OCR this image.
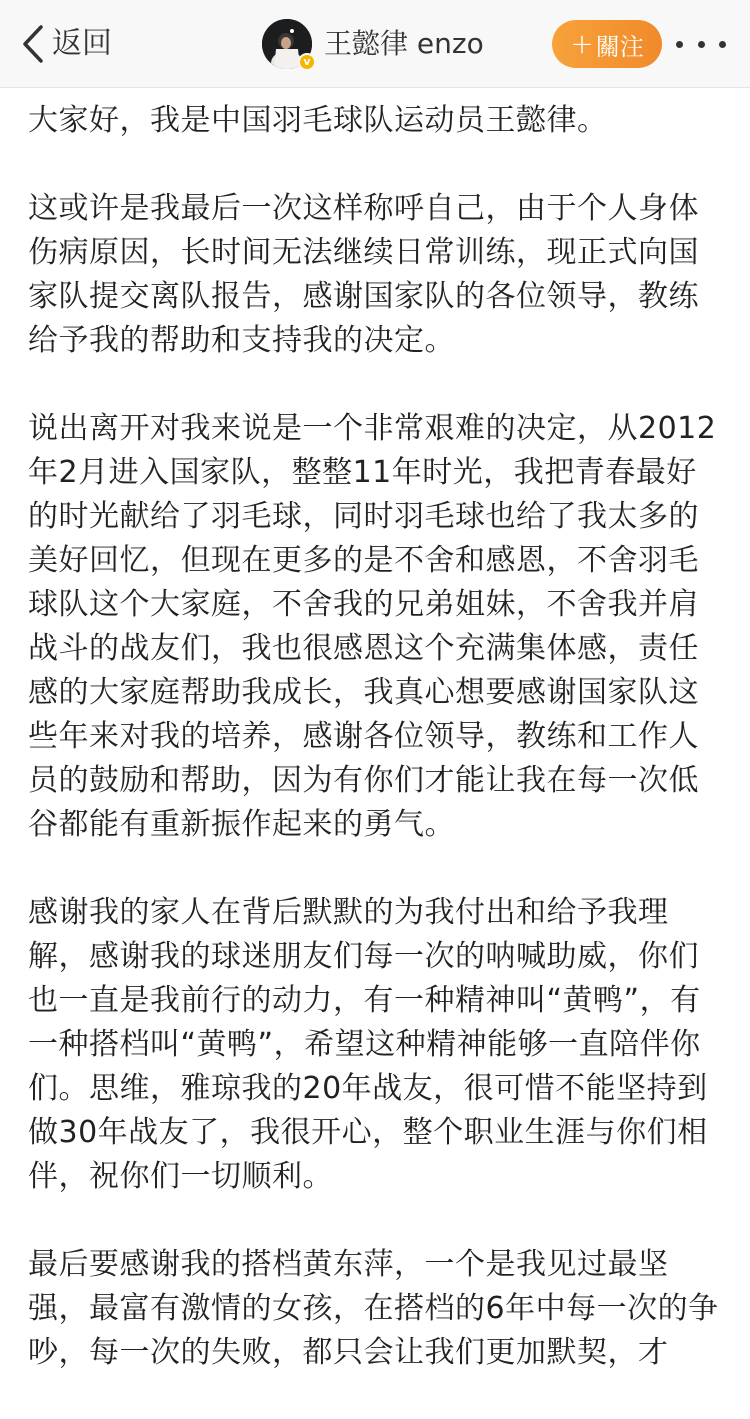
返回
v
王懿律 enzo	+ 關注

大家好，我是中国羽毛球队运动员王懿律。

这或许是我最后一次这样称呼自己，由于个人身体伤病原因，长时间无法继续日常训练，现正式向国家队提交离队报告，感谢国家队的各位领导，教练给予我的帮助和支持我的决定。

说出离开对我来说是一个非常艰难的决定，从2012年2月进入国家队，整整11年时光，我把青春最好的时光献给了羽毛球，同时羽毛球也给了我太多的美好回忆，但现在更多的是不舍和感恩，不舍羽毛球队这个大家庭，不舍我的兄弟姐妹，不舍我并肩战斗的战友们，我也很感恩这个充满集体感，责任感的大家庭帮助我成长，我真心想要感谢国家队这些年来对我的培养，感谢各位领导，教练和工作人员的鼓励和帮助，因为有你们才能让我在每一次低谷都能有重新振作起来的勇气。

感谢我的家人在背后默默的为我付出和给予我理解，感谢我的球迷朋友们每一次的呐喊助威，你们也一直是我前行的动力，有一种精神叫“黄鸭”，有一种搭档叫“黄鸭”，希望这种精神能够一直陪伴你们。思维，雅琼我的20年战友，很可惜不能坚持到做30年战友了，我很开心，整个职业生涯与你们相伴，祝你们一切顺利。

最后要感谢我的搭档黄东萍，一个是我见过最坚强，最富有激情的女孩，在搭档的6年中每一次的争吵，每一次的失败，都只会让我们更加默契，才
